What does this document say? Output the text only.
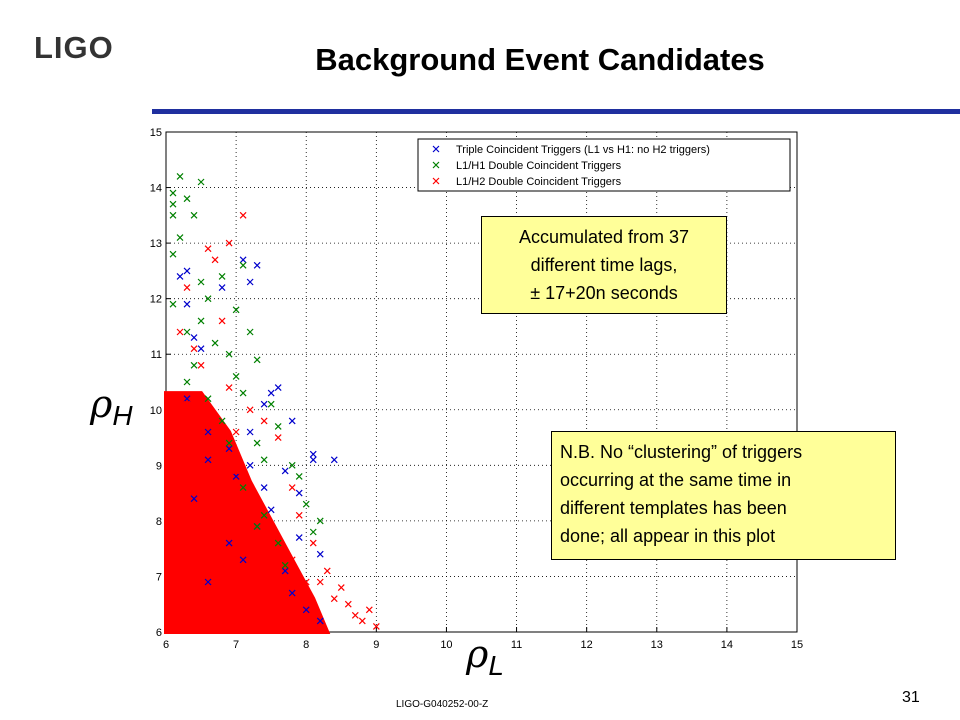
LIGO	Background Event Candidates
6	7	8	9	10	11	12	13	14	15
6
7
8
9
10
11
12
13
14
15
Triple Coincident Triggers (L1 vs H1: no H2 triggers)
L1/H1 Double Coincident Triggers
L1/H2 Double Coincident Triggers
Accumulated from 37
different time lags,
± 17+20n seconds
N.B. No “clustering” of triggers
occurring at the same time in
different templates has been
done; all appear in this plot
$\rho_H$
$\rho_L$
LIGO-G040252-00-Z	31
